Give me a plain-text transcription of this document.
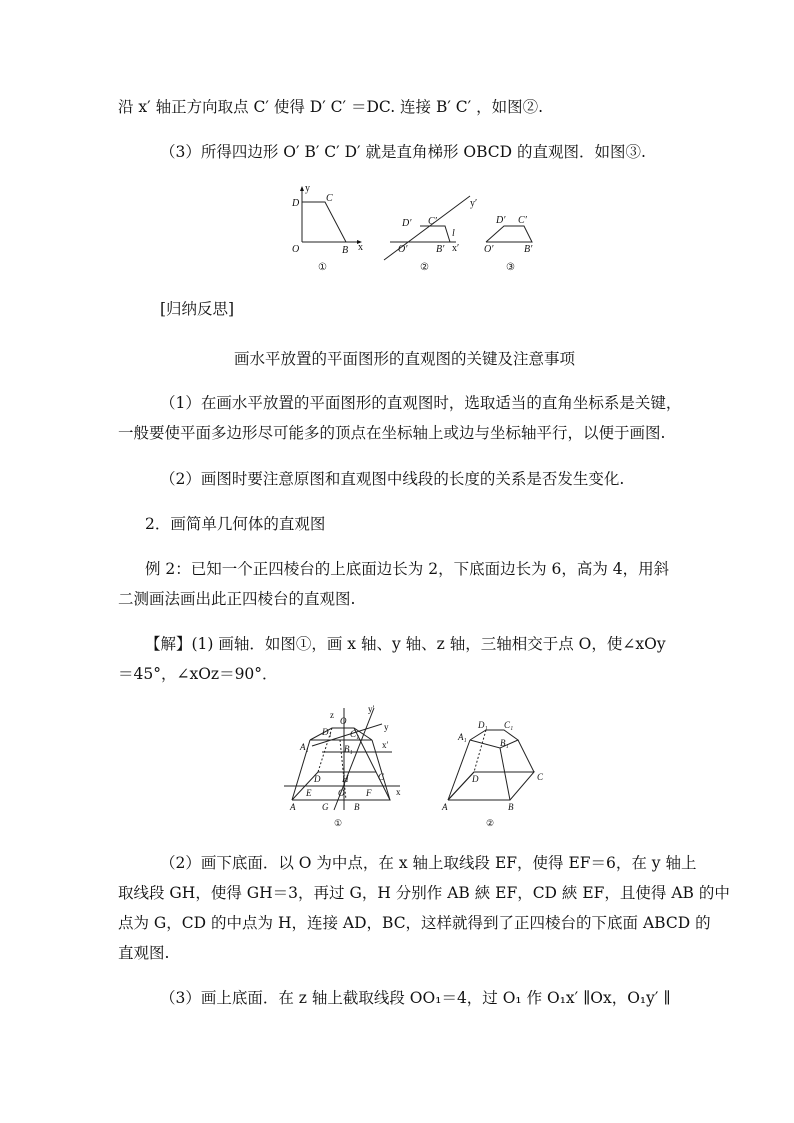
沿 x′ 轴正方向取点 C′ 使得 D′ C′ ＝DC. 连接 B′ C′ ，如图②.
（3）所得四边形 O′ B′ C′ D′ 就是直角梯形 OBCD 的直观图．如图③.
y
x
D	C
O	B
①
y′
x′
D′ C′
O′	B′
l
②
D′ C′
O′	B′
③
[归纳反思]
画水平放置的平面图形的直观图的关键及注意事项
（1）在画水平放置的平面图形的直观图时，选取适当的直角坐标系是关键，
一般要使平面多边形尽可能多的顶点在坐标轴上或边与坐标轴平行，以便于画图.
（2）画图时要注意原图和直观图中线段的长度的关系是否发生变化.
2．画简单几何体的直观图
例 2：已知一个正四棱台的上底面边长为 2，下底面边长为 6，高为 4，用斜
二测画法画出此正四棱台的直观图.
【解】(1) 画轴．如图①，画 x 轴、y 轴、z 轴，三轴相交于点 O，使∠xOy
＝45°，∠xOz＝90°．
z
y′
y
x′
x
O
D₁ C₁
A₁	B₁
D H	C
A
E	O F
G	B
①
D₁ C₁
A₁
B₁
D	C
A	B
②
（2）画下底面．以 O 为中点，在 x 轴上取线段 EF，使得 EF＝6，在 y 轴上
取线段 GH，使得 GH＝3，再过 G，H 分别作 AB 綊 EF，CD 綊 EF，且使得 AB 的中
点为 G，CD 的中点为 H，连接 AD，BC，这样就得到了正四棱台的下底面 ABCD 的
直观图.
（3）画上底面．在 z 轴上截取线段 OO₁＝4，过 O₁ 作 O₁x′ ∥Ox，O₁y′ ∥
